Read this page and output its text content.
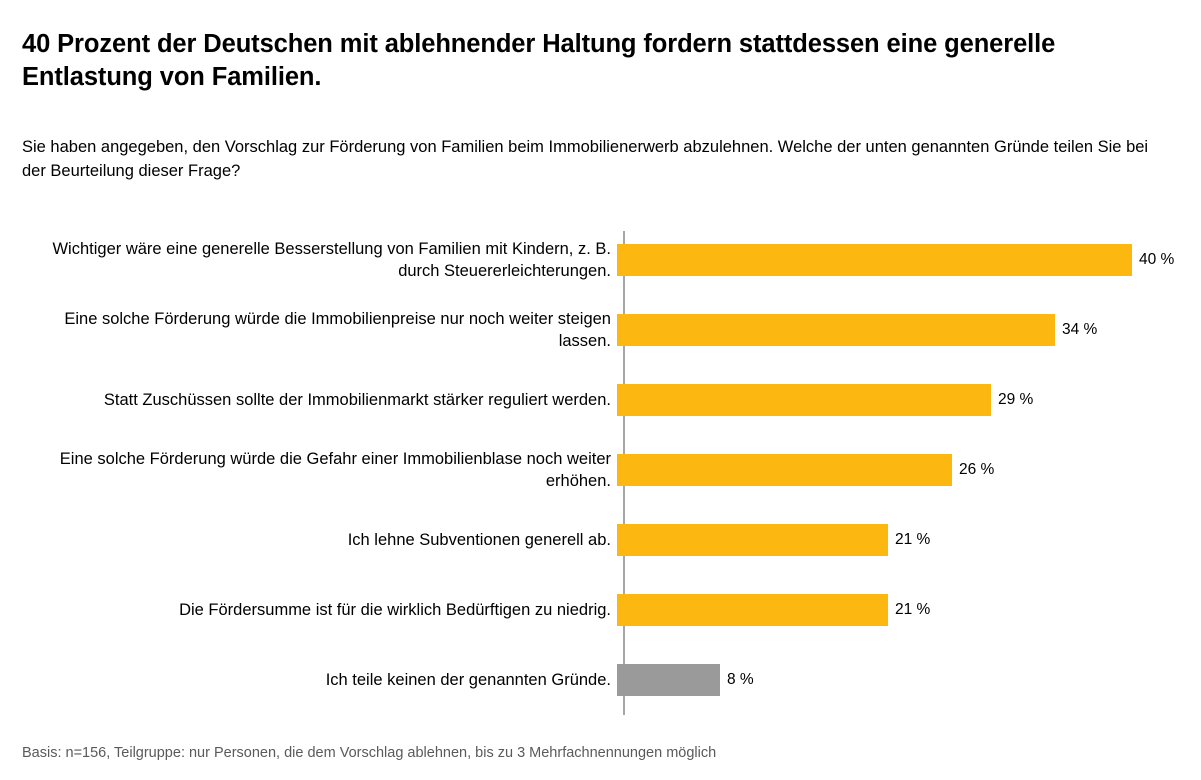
40 Prozent der Deutschen mit ablehnender Haltung fordern stattdessen eine generelle Entlastung von Familien.
Sie haben angegeben, den Vorschlag zur Förderung von Familien beim Immobilienerwerb abzulehnen. Welche der unten genannten Gründe teilen Sie bei der Beurteilung dieser Frage?
Wichtiger wäre eine generelle Besserstellung von Familien mit Kindern, z. B. durch Steuererleichterungen.
40 %
Eine solche Förderung würde die Immobilienpreise nur noch weiter steigen lassen.
34 %
Statt Zuschüssen sollte der Immobilienmarkt stärker reguliert werden.	29 %
Eine solche Förderung würde die Gefahr einer Immobilienblase noch weiter erhöhen.
26 %
Ich lehne Subventionen generell ab.	21 %
Die Fördersumme ist für die wirklich Bedürftigen zu niedrig.	21 %
Ich teile keinen der genannten Gründe.	8 %
Basis: n=156, Teilgruppe: nur Personen, die dem Vorschlag ablehnen, bis zu 3 Mehrfachnennungen möglich
